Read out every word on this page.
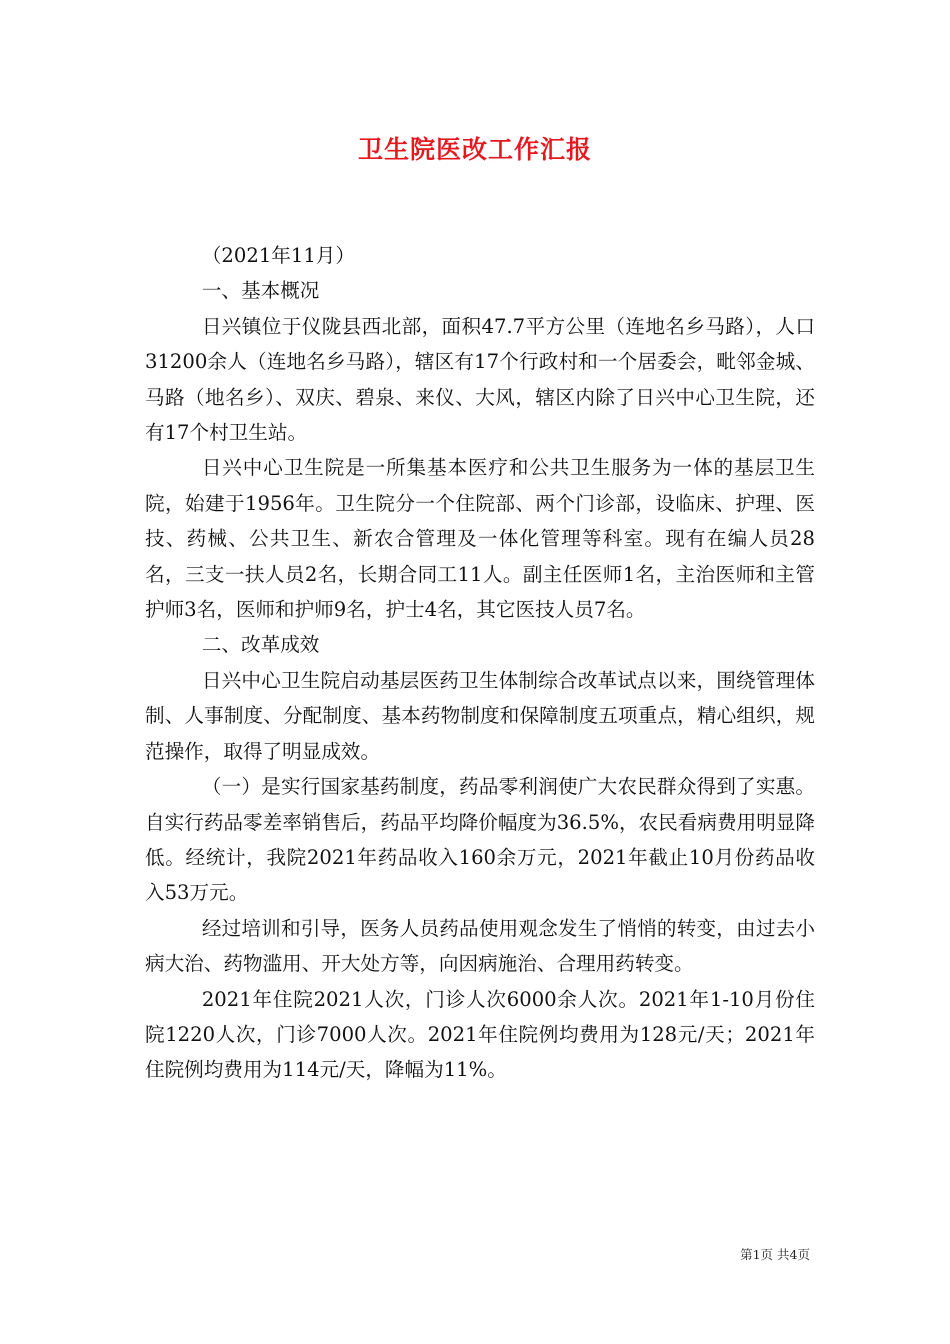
卫生院医改工作汇报

（2021年11月）

一、基本概况

日兴镇位于仪陇县西北部，面积47.7平方公里（连地名乡马路），人口31200余人（连地名乡马路），辖区有17个行政村和一个居委会，毗邻金城、马路（地名乡）、双庆、碧泉、来仪、大风，辖区内除了日兴中心卫生院，还有17个村卫生站。

日兴中心卫生院是一所集基本医疗和公共卫生服务为一体的基层卫生院，始建于1956年。卫生院分一个住院部、两个门诊部，设临床、护理、医技、药械、公共卫生、新农合管理及一体化管理等科室。现有在编人员28名，三支一扶人员2名，长期合同工11人。副主任医师1名，主治医师和主管护师3名，医师和护师9名，护士4名，其它医技人员7名。

二、改革成效

日兴中心卫生院启动基层医药卫生体制综合改革试点以来，围绕管理体制、人事制度、分配制度、基本药物制度和保障制度五项重点，精心组织，规范操作，取得了明显成效。

（一）是实行国家基药制度，药品零利润使广大农民群众得到了实惠。自实行药品零差率销售后，药品平均降价幅度为36.5%，农民看病费用明显降低。经统计，我院2021年药品收入160余万元，2021年截止10月份药品收入53万元。

经过培训和引导，医务人员药品使用观念发生了悄悄的转变，由过去小病大治、药物滥用、开大处方等，向因病施治、合理用药转变。

2021年住院2021人次，门诊人次6000余人次。2021年1-10月份住院1220人次，门诊7000人次。2021年住院例均费用为128元/天；2021年住院例均费用为114元/天，降幅为11%。

第1页 共4页
